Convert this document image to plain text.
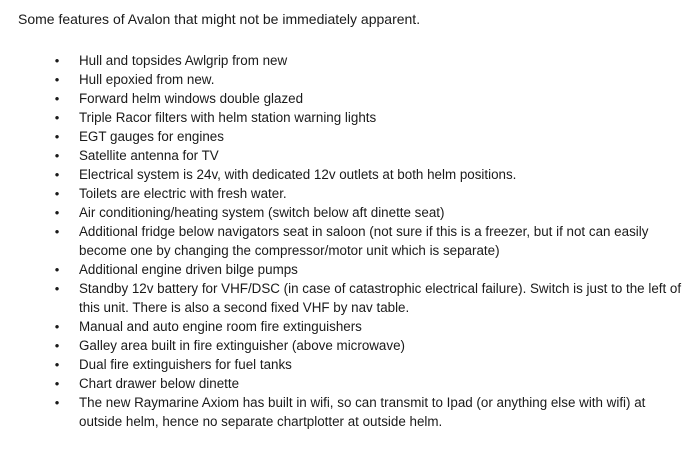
Some features of Avalon that might not be immediately apparent.

• Hull and topsides Awlgrip from new
• Hull epoxied from new.
• Forward helm windows double glazed
• Triple Racor filters with helm station warning lights
• EGT gauges for engines
• Satellite antenna for TV
• Electrical system is 24v, with dedicated 12v outlets at both helm positions.
• Toilets are electric with fresh water.
• Air conditioning/heating system (switch below aft dinette seat)
• Additional fridge below navigators seat in saloon (not sure if this is a freezer, but if not can easily become one by changing the compressor/motor unit which is separate)
• Additional engine driven bilge pumps
• Standby 12v battery for VHF/DSC (in case of catastrophic electrical failure). Switch is just to the left of this unit. There is also a second fixed VHF by nav table.
• Manual and auto engine room fire extinguishers
• Galley area built in fire extinguisher (above microwave)
• Dual fire extinguishers for fuel tanks
• Chart drawer below dinette
• The new Raymarine Axiom has built in wifi, so can transmit to Ipad (or anything else with wifi) at outside helm, hence no separate chartplotter at outside helm.
